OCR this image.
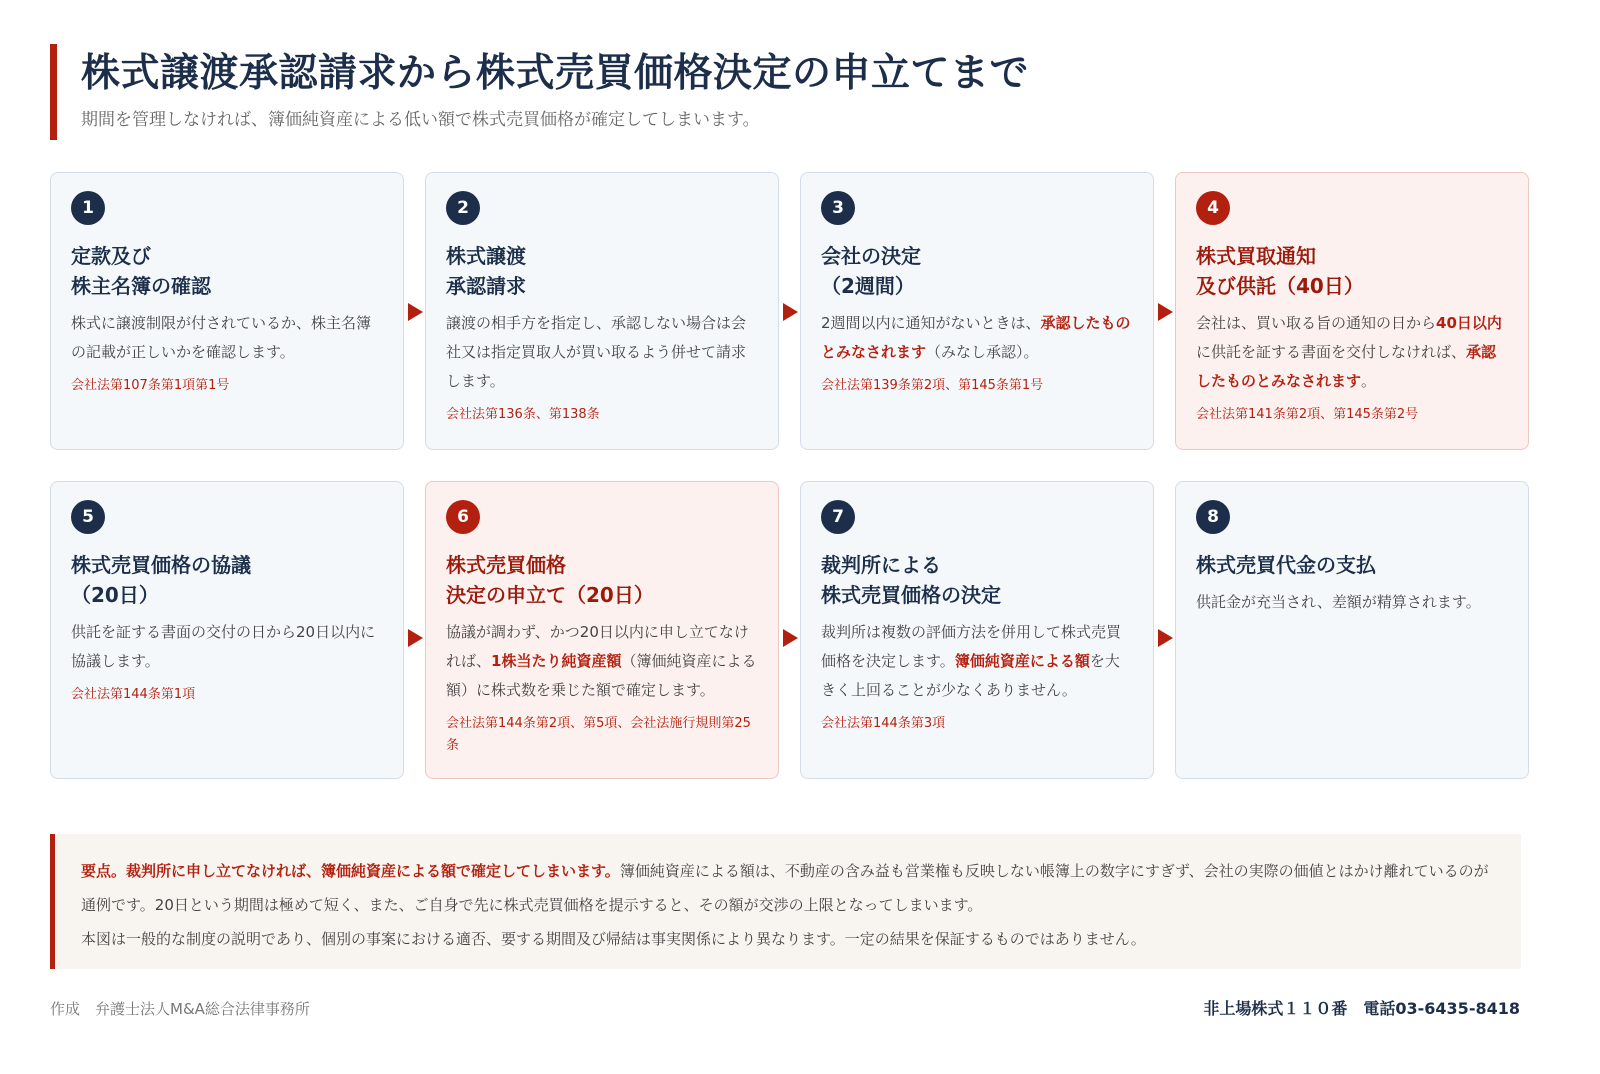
株式譲渡承認請求から株式売買価格決定の申立てまで
期間を管理しなければ、簿価純資産による低い額で株式売買価格が確定してしまいます。
1
定款及び
株主名簿の確認
株式に譲渡制限が付されているか、株主名簿の記載が正しいかを確認します。
会社法第107条第1項第1号
2
株式譲渡
承認請求
譲渡の相手方を指定し、承認しない場合は会社又は指定買取人が買い取るよう併せて請求します。
会社法第136条、第138条
3
会社の決定
（2週間）
2週間以内に通知がないときは、承認したものとみなされます（みなし承認）。
会社法第139条第2項、第145条第1号
4
株式買取通知
及び供託（40日）
会社は、買い取る旨の通知の日から40日以内に供託を証する書面を交付しなければ、承認したものとみなされます。
会社法第141条第2項、第145条第2号
5
株式売買価格の協議
（20日）
供託を証する書面の交付の日から20日以内に協議します。
会社法第144条第1項
6
株式売買価格
決定の申立て（20日）
協議が調わず、かつ20日以内に申し立てなければ、1株当たり純資産額（簿価純資産による額）に株式数を乗じた額で確定します。
会社法第144条第2項、第5項、会社法施行規則第25条
7
裁判所による
株式売買価格の決定
裁判所は複数の評価方法を併用して株式売買価格を決定します。簿価純資産による額を大きく上回ることが少なくありません。
会社法第144条第3項
8
株式売買代金の支払
供託金が充当され、差額が精算されます。

要点。裁判所に申し立てなければ、簿価純資産による額で確定してしまいます。簿価純資産による額は、不動産の含み益も営業権も反映しない帳簿上の数字にすぎず、会社の実際の価値とはかけ離れているのが通例です。20日という期間は極めて短く、また、ご自身で先に株式売買価格を提示すると、その額が交渉の上限となってしまいます。

本図は一般的な制度の説明であり、個別の事案における適否、要する期間及び帰結は事実関係により異なります。一定の結果を保証するものではありません。

作成　弁護士法人M&A総合法律事務所	非上場株式１１０番　電話03-6435-8418
